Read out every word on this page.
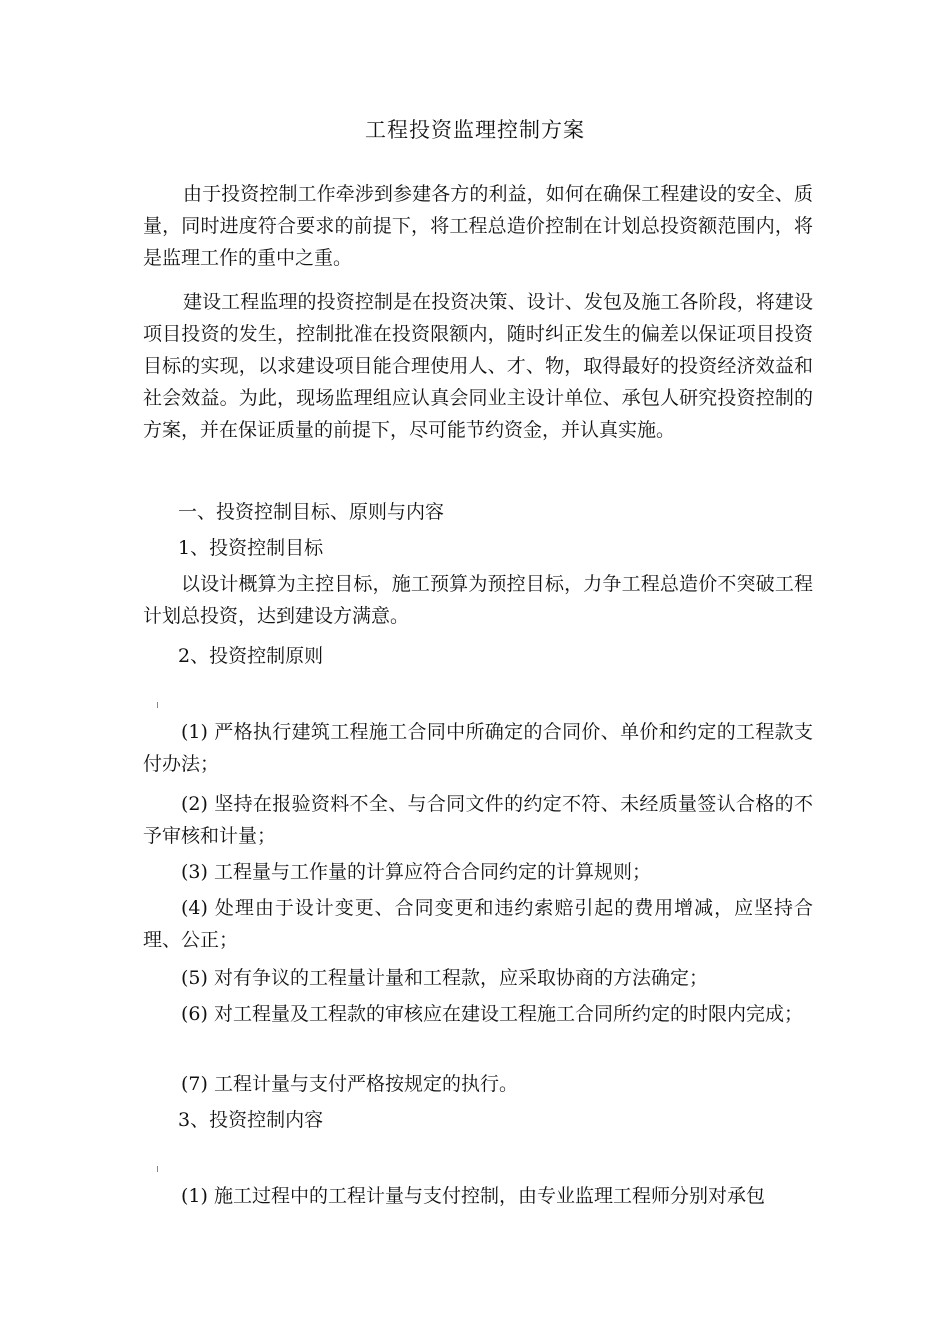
工程投资监理控制方案
由于投资控制工作牵涉到参建各方的利益，如何在确保工程建设的安全、质量，同时进度符合要求的前提下，将工程总造价控制在计划总投资额范围内，将是监理工作的重中之重。
建设工程监理的投资控制是在投资决策、设计、发包及施工各阶段，将建设项目投资的发生，控制批准在投资限额内，随时纠正发生的偏差以保证项目投资目标的实现，以求建设项目能合理使用人、才、物，取得最好的投资经济效益和社会效益。为此，现场监理组应认真会同业主设计单位、承包人研究投资控制的方案，并在保证质量的前提下，尽可能节约资金，并认真实施。
一、投资控制目标、原则与内容
1、投资控制目标
以设计概算为主控目标，施工预算为预控目标，力争工程总造价不突破工程计划总投资，达到建设方满意。
2、投资控制原则
(1) 严格执行建筑工程施工合同中所确定的合同价、单价和约定的工程款支付办法；
(2) 坚持在报验资料不全、与合同文件的约定不符、未经质量签认合格的不予审核和计量；
(3) 工程量与工作量的计算应符合合同约定的计算规则；
(4) 处理由于设计变更、合同变更和违约索赔引起的费用增减，应坚持合理、公正；
(5) 对有争议的工程量计量和工程款，应采取协商的方法确定；
(6) 对工程量及工程款的审核应在建设工程施工合同所约定的时限内完成；
(7) 工程计量与支付严格按规定的执行。
3、投资控制内容
(1) 施工过程中的工程计量与支付控制，由专业监理工程师分别对承包
